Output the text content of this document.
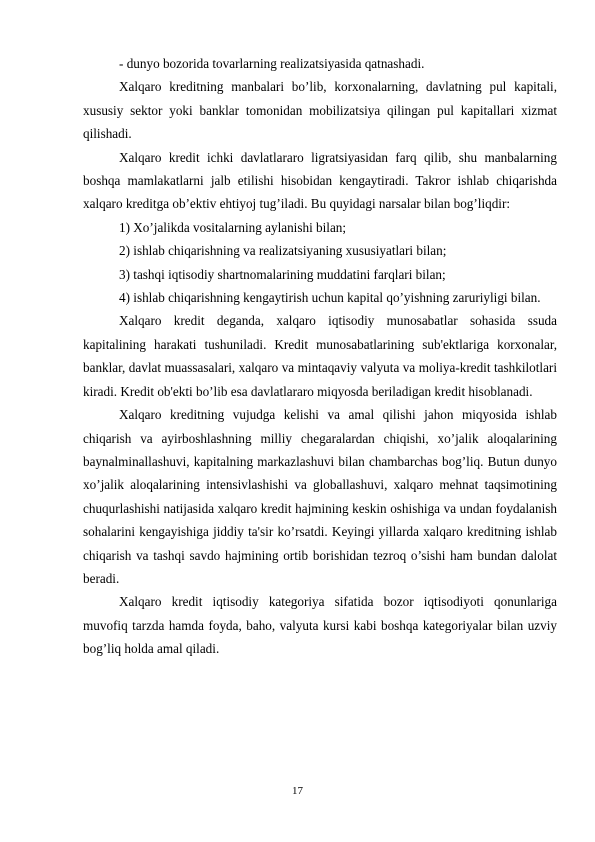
- dunyo bozorida tovarlarning realizatsiyasida qatnashadi.

Xalqaro kreditning manbalari bo’lib, korxonalarning, davlatning pul kapitali, xususiy sektor yoki banklar tomonidan mobilizatsiya qilingan pul kapitallari xizmat qilishadi.

Xalqaro kredit ichki davlatlararo ligratsiyasidan farq qilib, shu manbalarning boshqa mamlakatlarni jalb etilishi hisobidan kengaytiradi. Takror ishlab chiqarishda xalqaro kreditga ob’ektiv ehtiyoj tug’iladi. Bu quyidagi narsalar bilan bog’liqdir:

1) Xo’jalikda vositalarning aylanishi bilan;

2) ishlab chiqarishning va realizatsiyaning xususiyatlari bilan;

3) tashqi iqtisodiy shartnomalarining muddatini farqlari bilan;

4) ishlab chiqarishning kengaytirish uchun kapital qo’yishning zaruriyligi bilan.

Xalqaro kredit deganda, xalqaro iqtisodiy munosabatlar sohasida ssuda kapitalining harakati tushuniladi. Kredit munosabatlarining sub'ektlariga korxonalar, banklar, davlat muassasalari, xalqaro va mintaqaviy valyuta va moliya-kredit tashkilotlari kiradi. Kredit ob'ekti bo’lib esa davlatlararo miqyosda beriladigan kredit hisoblanadi.

Xalqaro kreditning vujudga kelishi va amal qilishi jahon miqyosida ishlab chiqarish va ayirboshlashning milliy chegaralardan chiqishi, xo’jalik aloqalarining baynalminallashuvi, kapitalning markazlashuvi bilan chambarchas bog’liq. Butun dunyo xo’jalik aloqalarining intensivlashishi va globallashuvi, xalqaro mehnat taqsimotining chuqurlashishi natijasida xalqaro kredit hajmining keskin oshishiga va undan foydalanish sohalarini kengayishiga jiddiy ta'sir ko’rsatdi. Keyingi yillarda xalqaro kreditning ishlab chiqarish va tashqi savdo hajmining ortib borishidan tezroq o’sishi ham bundan dalolat beradi.

Xalqaro kredit iqtisodiy kategoriya sifatida bozor iqtisodiyoti qonunlariga muvofiq tarzda hamda foyda, baho, valyuta kursi kabi boshqa kategoriyalar bilan uzviy bog’liq holda amal qiladi.

17
